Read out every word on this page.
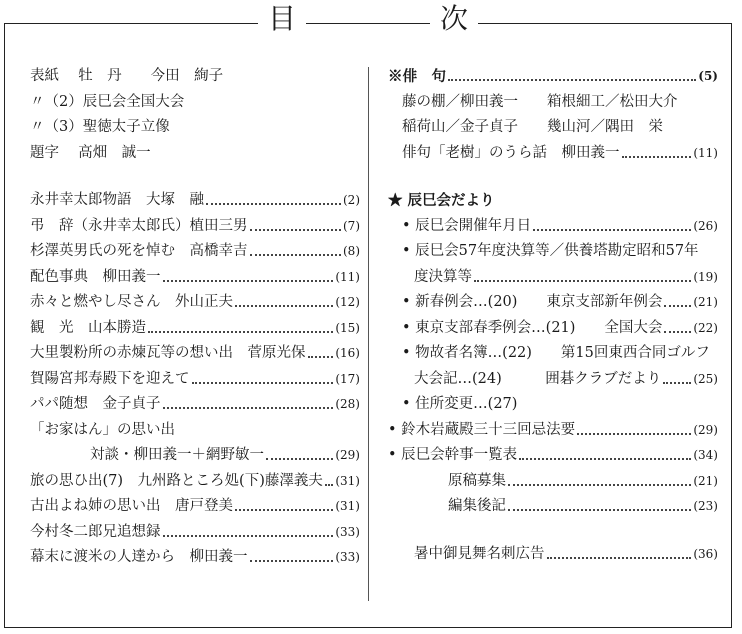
目	次
表紙　 牡　丹　　今田　絢子
〃（2）辰巳会全国大会
〃（3）聖徳太子立像
題字　 高畑　誠一
永井幸太郎物語　大塚　融	(2)
弔　辞（永井幸太郎氏）植田三男	(7)
杉澤英男氏の死を悼む　高橋幸吉	(8)
配色事典　柳田義一	(11)
赤々と燃やし尽さん　外山正夫	(12)
観　光　山本勝造	(15)
大里製粉所の赤煉瓦等の想い出　菅原光保 (16)
賀陽宮邦寿殿下を迎えて	(17)
パパ随想　金子貞子	(28)
「お家はん」の思い出
対談・柳田義一＋網野敏一	(29)
旅の思ひ出(7)　九州路ところ処(下)藤澤義夫 (31)
古出よね姉の思い出　唐戸登美	(31)
今村冬二郎兄追想録	(33)
幕末に渡米の人達から　柳田義一	(33)
※俳　句	(5)
藤の棚／柳田義一　　箱根細工／松田大介
稲荷山／金子貞子　　幾山河／隅田　栄
俳句「老樹」のうら話　柳田義一	(11)
★ 辰巳会だより
• 辰巳会開催年月日	(26)
• 辰巳会57年度決算等／供養塔勘定昭和57年
度決算等	(19)
• 新春例会…(20)　　東京支部新年例会	(21)
• 東京支部春季例会…(21)　　全国大会	(22)
• 物故者名簿…(22)　　第15回東西合同ゴルフ
大会記…(24)　　　囲碁クラブだより	(25)
• 住所変更…(27)
• 鈴木岩蔵殿三十三回忌法要	(29)
• 辰巳会幹事一覧表	(34)
原稿募集	(21)
編集後記	(23)
暑中御見舞名刺広告	(36)
